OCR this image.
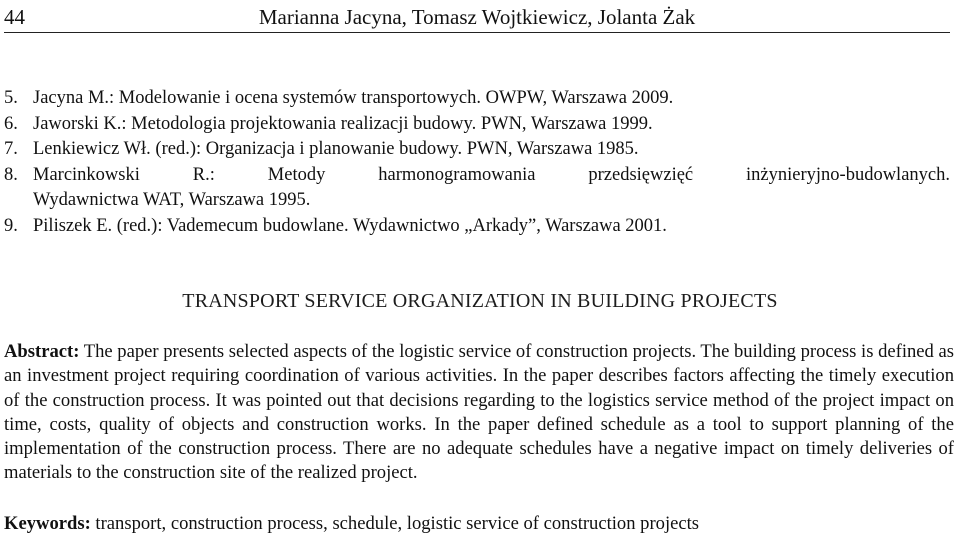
44	Marianna Jacyna, Tomasz Wojtkiewicz, Jolanta Żak
5. Jacyna M.: Modelowanie i ocena systemów transportowych. OWPW, Warszawa 2009.
6. Jaworski K.: Metodologia projektowania realizacji budowy. PWN, Warszawa 1999.
7. Lenkiewicz Wł. (red.): Organizacja i planowanie budowy. PWN, Warszawa 1985.
8. Marcinkowski R.: Metody harmonogramowania przedsięwzięć inżynieryjno-budowlanych.
Wydawnictwa WAT, Warszawa 1995.
9. Piliszek E. (red.): Vademecum budowlane. Wydawnictwo „Arkady”, Warszawa 2001.
TRANSPORT SERVICE ORGANIZATION IN BUILDING PROJECTS

Abstract: The paper presents selected aspects of the logistic service of construction projects. The building process is defined as an investment project requiring coordination of various activities. In the paper describes factors affecting the timely execution of the construction process. It was pointed out that decisions regarding to the logistics service method of the project impact on time, costs, quality of objects and construction works. In the paper defined schedule as a tool to support planning of the implementation of the construction process. There are no adequate schedules have a negative impact on timely deliveries of materials to the construction site of the realized project.

Keywords: transport, construction process, schedule, logistic service of construction projects
